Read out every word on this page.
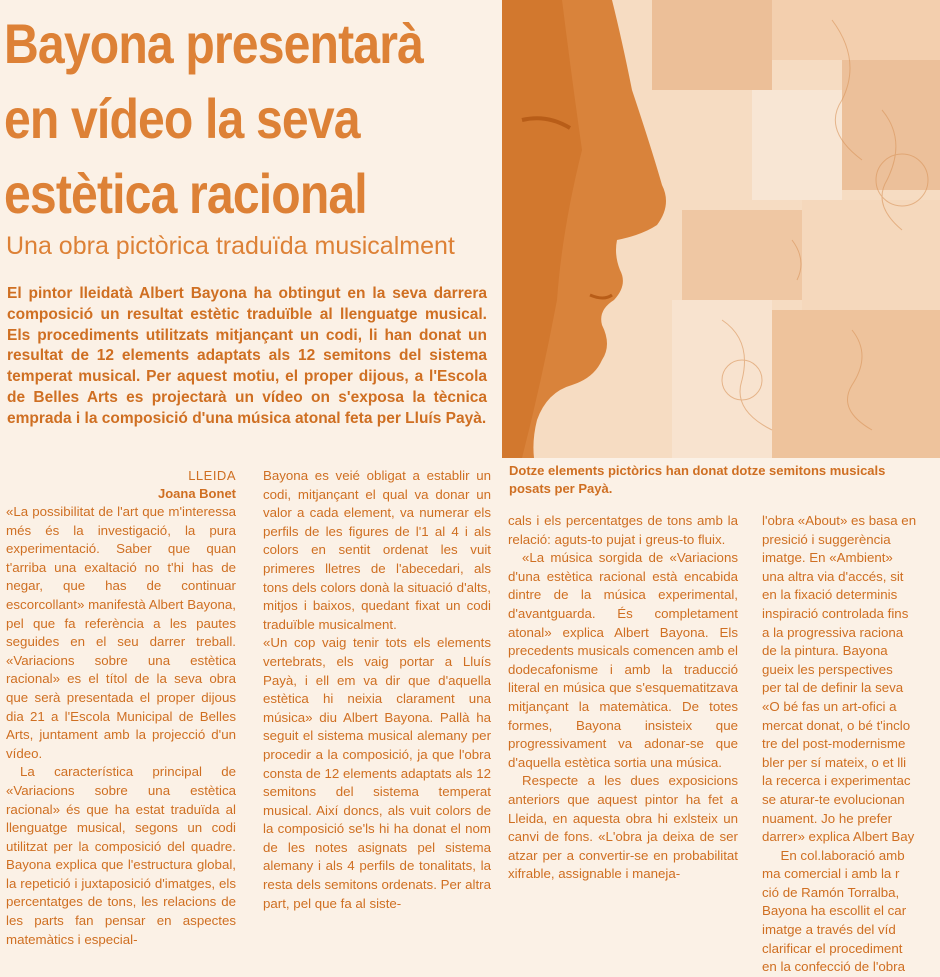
Bayona presentarà
en vídeo la seva
estètica racional
Una obra pictòrica traduïda musicalment

El pintor lleidatà Albert Bayona ha obtingut en la seva darrera composició un resultat estètic traduïble al llenguatge musical. Els procediments utilitzats mitjançant un codi, li han donat un resultat de 12 elements adaptats als 12 semitons del sistema temperat musical. Per aquest motiu, el proper dijous, a l'Escola de Belles Arts es projectarà un vídeo on s'exposa la tècnica emprada i la composició d'una música atonal feta per Lluís Payà.

Dotze elements pictòrics han donat dotze semitons musicals
posats per Payà.
LLEIDA
Joana Bonet

«La possibilitat de l'art que m'interessa més és la investigació, la pura experimentació. Saber que quan t'arriba una exaltació no t'hi has de negar, que has de continuar escorcollant» manifestà Albert Bayona, pel que fa referència a les pautes seguides en el seu darrer treball. «Variacions sobre una estètica racional» es el títol de la seva obra que serà presentada el proper dijous dia 21 a l'Escola Municipal de Belles Arts, juntament amb la projecció d'un vídeo.

La característica principal de «Variacions sobre una estètica racional» és que ha estat traduïda al llenguatge musical, segons un codi utilitzat per la composició del quadre. Bayona explica que l'estructura global, la repetició i juxtaposició d'imatges, els percentatges de tons, les relacions de les parts fan pensar en aspectes matemàtics i especial-

Bayona es veié obligat a establir un codi, mitjançant el qual va donar un valor a cada element, va numerar els perfils de les figures de l'1 al 4 i als colors en sentit ordenat les vuit primeres lletres de l'abecedari, als tons dels colors donà la situació d'alts, mitjos i baixos, quedant fixat un codi traduïble musicalment.

«Un cop vaig tenir tots els elements vertebrats, els vaig portar a Lluís Payà, i ell em va dir que d'aquella estètica hi neixia clarament una música» diu Albert Bayona. Pallà ha seguit el sistema musical alemany per procedir a la composició, ja que l'obra consta de 12 elements adaptats als 12 semitons del sistema temperat musical. Així doncs, als vuit colors de la composició se'ls hi ha donat el nom de les notes asignats pel sistema alemany i als 4 perfils de tonalitats, la resta dels semitons ordenats. Per altra part, pel que fa al siste-

cals i els percentatges de tons amb la relació: aguts-to pujat i greus-to fluix.

«La música sorgida de «Variacions d'una estètica racional està encabida dintre de la música experimental, d'avantguarda. És completament atonal» explica Albert Bayona. Els precedents musicals comencen amb el dodecafonisme i amb la traducció literal en música que s'esquematitzava mitjançant la matemàtica. De totes formes, Bayona insisteix que progressivament va adonar-se que d'aquella estètica sortia una música.

Respecte a les dues exposicions anteriors que aquest pintor ha fet a Lleida, en aquesta obra hi exlsteix un canvi de fons. «L'obra ja deixa de ser atzar per a convertir-se en probabilitat xifrable, assignable i maneja-

l'obra «About» es basa en
presició i suggerència
imatge. En «Ambient»
una altra via d'accés, sit
en la fixació determinis
inspiració controlada fins
a la progressiva raciona
de la pintura. Bayona
gueix les perspectives
per tal de definir la seva
«O bé fas un art-ofici a
mercat donat, o bé t'inclo
tre del post-modernisme
bler per sí mateix, o et lli
la recerca i experimentac
se aturar-te evolucionan
nuament. Jo he prefer
darrer» explica Albert Bay
En col.laboració amb
ma comercial i amb la r
ció de Ramón Torralba,
Bayona ha escollit el car
imatge a través del víd
clarificar el procediment
en la confecció de l'obra
